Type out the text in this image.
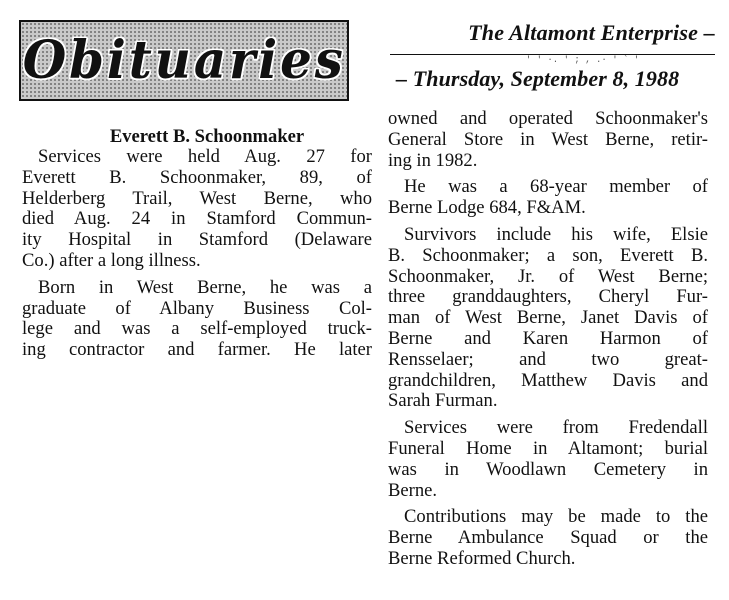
Obituaries	The Altamont Enterprise –
' ' ·. ' ; , .· ' ` '
– Thursday, September 8, 1988
Everett B. Schoonmaker
Services were held Aug. 27 for
Everett B. Schoonmaker, 89, of
Helderberg Trail, West Berne, who
died Aug. 24 in Stamford Commun-
ity Hospital in Stamford (Delaware
Co.) after a long illness.
Born in West Berne, he was a
graduate of Albany Business Col-
lege and was a self-employed truck-
ing contractor and farmer. He later
owned and operated Schoonmaker's
General Store in West Berne, retir-
ing in 1982.
He was a 68-year member of
Berne Lodge 684, F&AM.
Survivors include his wife, Elsie
B. Schoonmaker; a son, Everett B.
Schoonmaker, Jr. of West Berne;
three granddaughters, Cheryl Fur-
man of West Berne, Janet Davis of
Berne and Karen Harmon of
Rensselaer; and two great-
grandchildren, Matthew Davis and
Sarah Furman.
Services were from Fredendall
Funeral Home in Altamont; burial
was in Woodlawn Cemetery in
Berne.
Contributions may be made to the
Berne Ambulance Squad or the
Berne Reformed Church.
